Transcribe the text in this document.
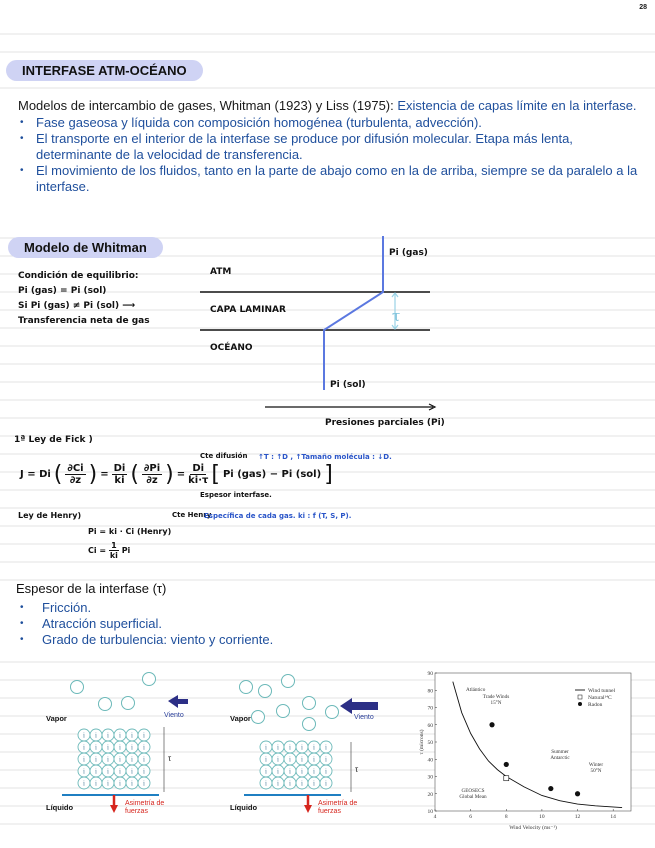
28
INTERFASE ATM-OCÉANO
Modelos de intercambio de gases, Whitman (1923) y Liss (1975): Existencia de capas límite en la interfase.
• Fase gaseosa y líquida con composición homogénea (turbulenta, advección).
• El transporte en el interior de la interfase se produce por difusión molecular. Etapa más lenta, determinante de la velocidad de transferencia.
• El movimiento de los fluidos, tanto en la parte de abajo como en la de arriba, siempre se da paralelo a la interfase.
Modelo de Whitman
Condición de equilibrio:
Pi (gas) = Pi (sol)
Si Pi (gas) ≠ Pi (sol) ⟶
Transferencia neta de gas
ATM
CAPA LAMINAR
OCÉANO
Pi (gas)
Pi (sol)
τ
Presiones parciales (Pi)
1ª Ley de Fick )
J = Di ( $\frac{\partial Ci}{\partial z}$ ) = $\frac{Di}{ki}$ ( $\frac{\partial Pi}{\partial z}$ ) = $\frac{Di}{ki\cdot\tau}$ [ Pi (gas) − Pi (sol) ]
Cte difusión ↑T : ↑D , ↑Tamaño molécula : ↓D.
Espesor interfase.
Cte Henry
Específica de cada gas. ki : f (T, S, P).
Ley de Henry)
Pi = ki · Ci (Henry)
$Ci = \frac{1}{ki}$ Pi
Espesor de la interfase (τ)
• Fricción.
• Atracción superficial.
• Grado de turbulencia: viento y corriente.
i i i i i i
i i i i i i
i i i i i i
i i i i i i
i i i i i i
Vapor	Viento
Líquido	Asimetría de fuerzas
τ
i i i i i i
i i i i i i
i i i i i i
i i i i i i
Vapor	Viento
Líquido	Asimetría de fuerzas
τ
4	6	8	10	12	14
10
20
30
40
50
60
70
80
90
Wind Velocity (ms⁻¹)
τ (microns)
Wind tunnel
Natural¹⁴C
Radon
Trade Winds 15°N
Summer Antarctic
Winter 50°N
GEOSECS Global Mean
Atlántico
